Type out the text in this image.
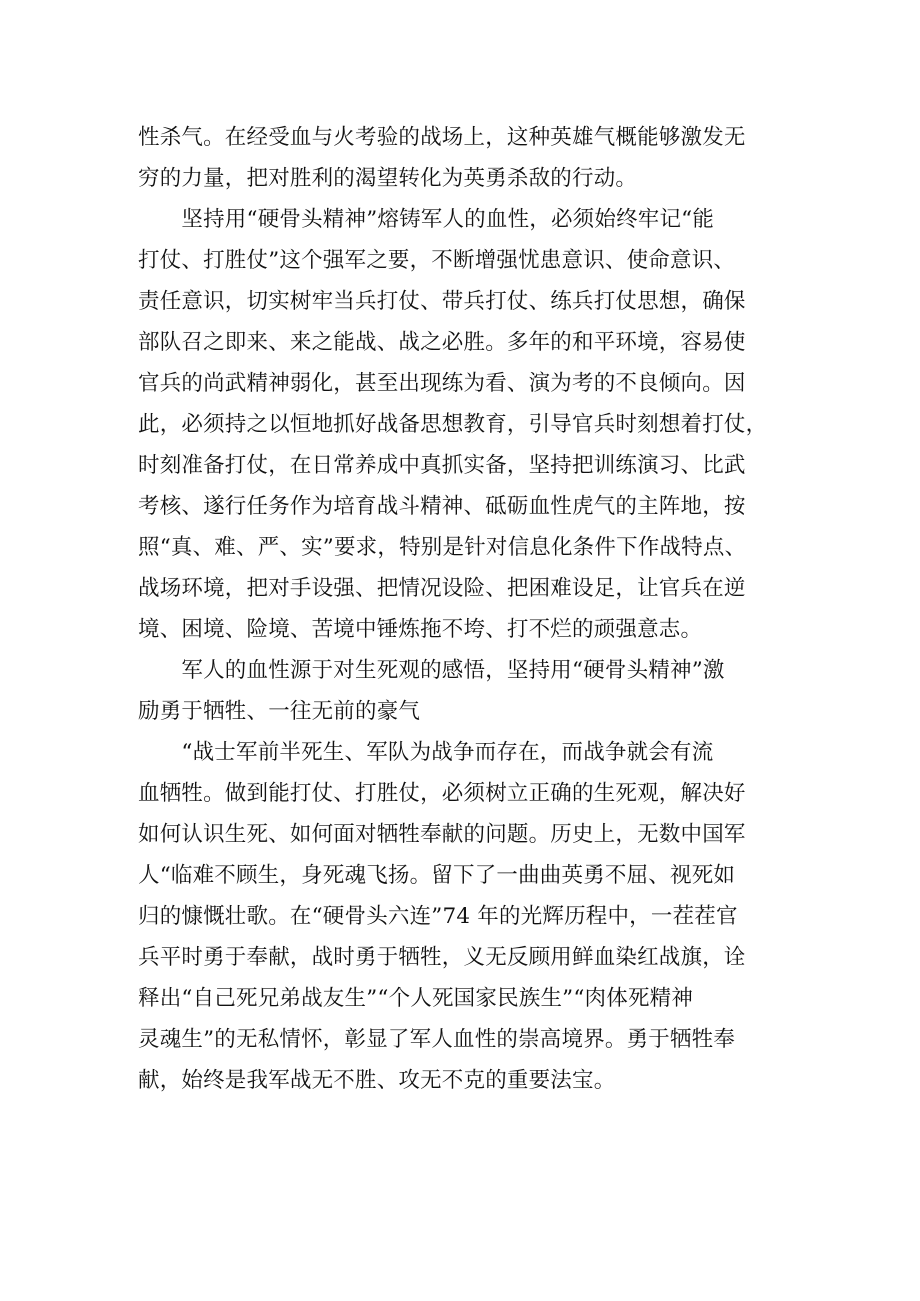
性杀气。在经受血与火考验的战场上，这种英雄气概能够激发无
穷的力量，把对胜利的渴望转化为英勇杀敌的行动。
　　坚持用“硬骨头精神”熔铸军人的血性，必须始终牢记“能
打仗、打胜仗”这个强军之要，不断增强忧患意识、使命意识、
责任意识，切实树牢当兵打仗、带兵打仗、练兵打仗思想，确保
部队召之即来、来之能战、战之必胜。多年的和平环境，容易使
官兵的尚武精神弱化，甚至出现练为看、演为考的不良倾向。因
此，必须持之以恒地抓好战备思想教育，引导官兵时刻想着打仗，
时刻准备打仗，在日常养成中真抓实备，坚持把训练演习、比武
考核、遂行任务作为培育战斗精神、砥砺血性虎气的主阵地，按
照“真、难、严、实”要求，特别是针对信息化条件下作战特点、
战场环境，把对手设强、把情况设险、把困难设足，让官兵在逆
境、困境、险境、苦境中锤炼拖不垮、打不烂的顽强意志。
　　军人的血性源于对生死观的感悟，坚持用“硬骨头精神”激
励勇于牺牲、一往无前的豪气
　　“战士军前半死生、军队为战争而存在，而战争就会有流
血牺牲。做到能打仗、打胜仗，必须树立正确的生死观，解决好
如何认识生死、如何面对牺牲奉献的问题。历史上，无数中国军
人“临难不顾生，身死魂飞扬。留下了一曲曲英勇不屈、视死如
归的慷慨壮歌。在“硬骨头六连”74 年的光辉历程中，一茬茬官
兵平时勇于奉献，战时勇于牺牲，义无反顾用鲜血染红战旗，诠
释出“自己死兄弟战友生”“个人死国家民族生”“肉体死精神
灵魂生”的无私情怀，彰显了军人血性的崇高境界。勇于牺牲奉
献，始终是我军战无不胜、攻无不克的重要法宝。
